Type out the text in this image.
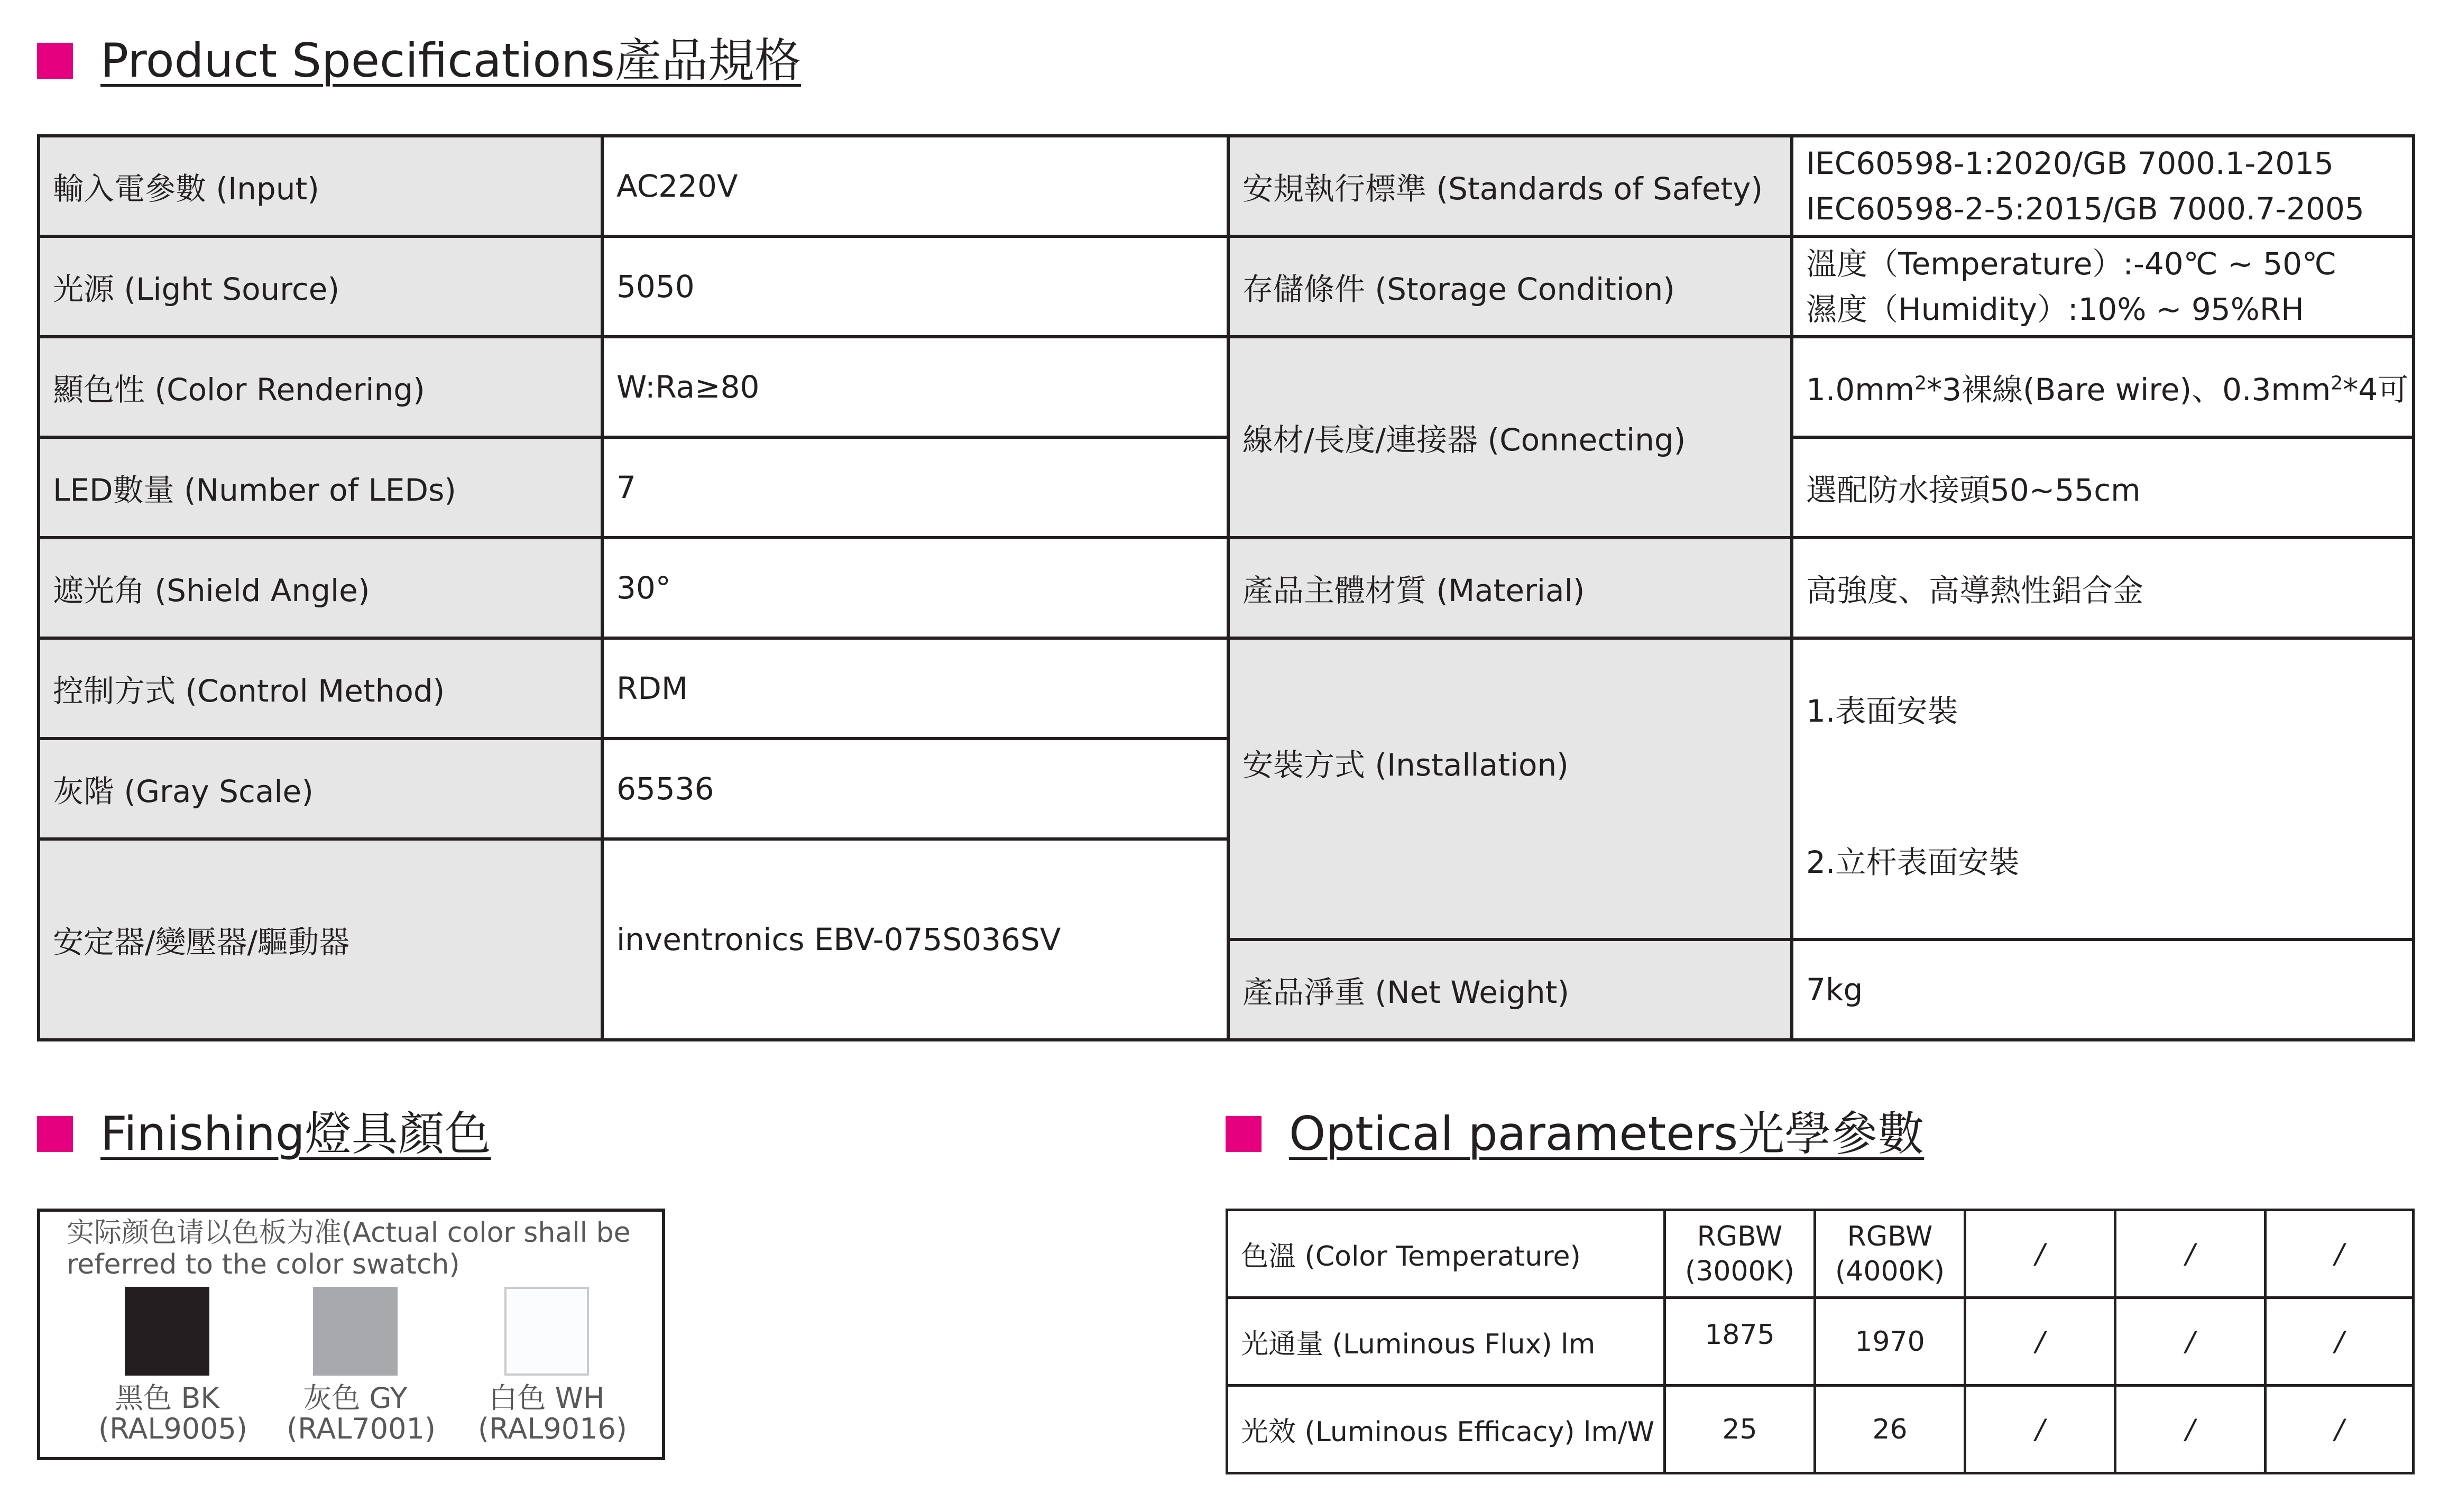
Product Specifications產品規格
輸入電參數 (Input)	AC220V	安規執行標準 (Standards of Safety)	IEC60598-1:2020/GB 7000.1-2015
IEC60598-2-5:2015/GB 7000.7-2005

光源 (Light Source)	5050	存儲條件 (Storage Condition)	溫度（Temperature）:-40℃ ~ 50℃
濕度（Humidity）:10% ~ 95%RH

顯色性 (Color Rendering)	W:Ra≥80	線材/長度/連接器 (Connecting)	$1.0mm^2*3$裸線(Bare wire)、$0.3mm^2*4$可
LED數量 (Number of LEDs)	7		選配防水接頭50~55cm
遮光角 (Shield Angle)	30°	產品主體材質 (Material)	高強度、高導熱性鋁合金
控制方式 (Control Method)	RDM	安裝方式 (Installation)	1.表面安裝
2.立杆表面安裝

灰階 (Gray Scale)	65536		
安定器/變壓器/驅動器	inventronics EBV-075S036SV		
		產品淨重 (Net Weight)	7kg
Finishing燈具顏色
实际颜色请以色板为准(Actual color shall be referred to the color swatch)
黑色 BK
(RAL9005)
灰色 GY
(RAL7001)
白色 WH
(RAL9016)
Optical parameters光學參數
色溫 (Color Temperature)	RGBW
(3000K)	RGBW
(4000K)	/	/	/
光通量 (Luminous Flux) lm	1875	1970	/	/	/
光效 (Luminous Efficacy) lm/W	25	26	/	/	/
